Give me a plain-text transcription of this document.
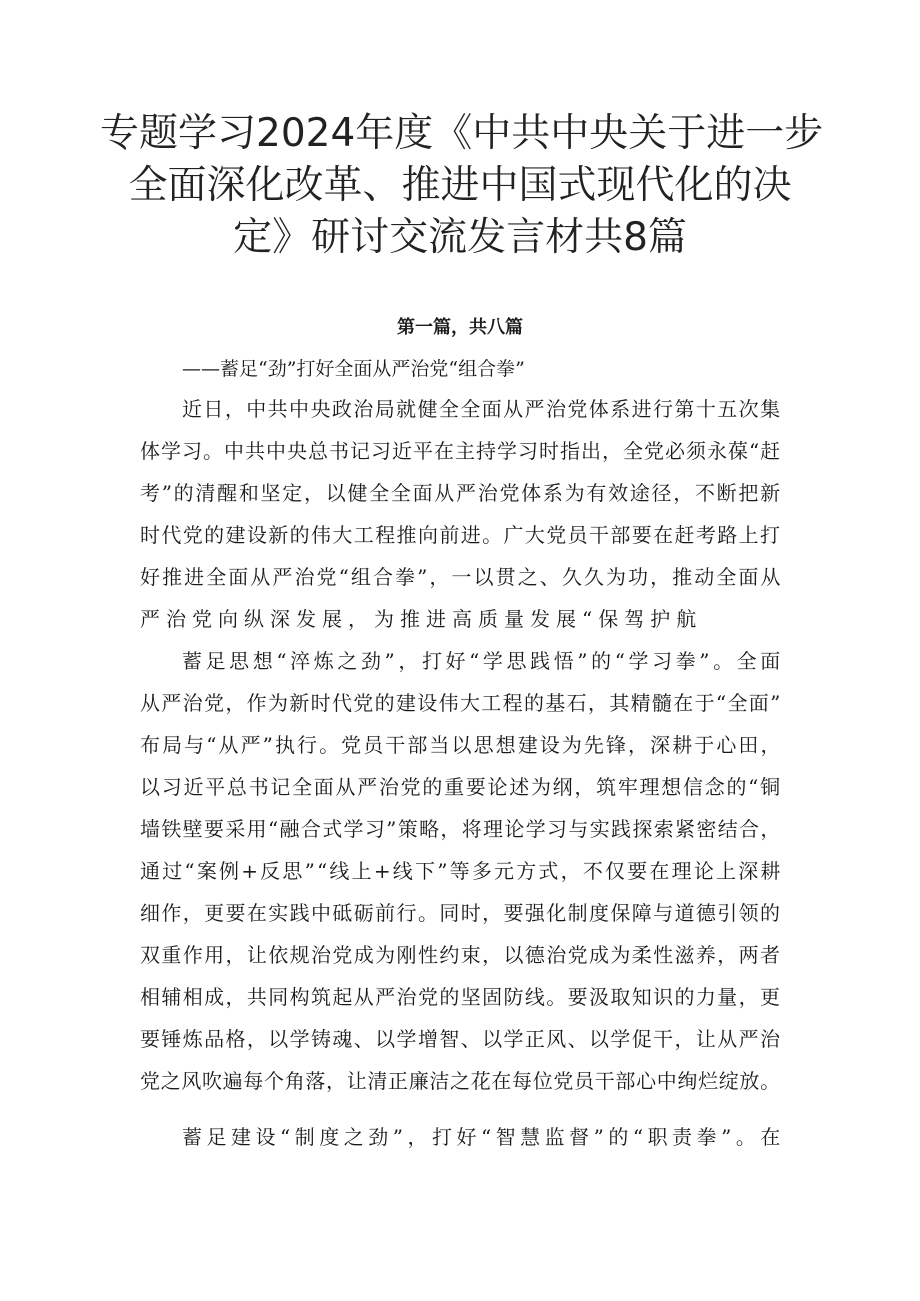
专题学习2024年度《中共中央关于进一步
全面深化改革、推进中国式现代化的决
定》研讨交流发言材共8篇
第一篇，共八篇
——蓄足“劲”打好全面从严治党“组合拳”
近日，中共中央政治局就健全全面从严治党体系进行第十五次集
体学习。中共中央总书记习近平在主持学习时指出，全党必须永葆“赶
考”的清醒和坚定，以健全全面从严治党体系为有效途径，不断把新
时代党的建设新的伟大工程推向前进。广大党员干部要在赶考路上打
好推进全面从严治党“组合拳”，一以贯之、久久为功，推动全面从
严治党向纵深发展，为推进高质量发展“保驾护航
蓄足思想“淬炼之劲”，打好“学思践悟”的“学习拳”。全面
从严治党，作为新时代党的建设伟大工程的基石，其精髓在于“全面”
布局与“从严”执行。党员干部当以思想建设为先锋，深耕于心田，
以习近平总书记全面从严治党的重要论述为纲，筑牢理想信念的“铜
墙铁壁要采用“融合式学习”策略，将理论学习与实践探索紧密结合，
通过“案例+反思”“线上+线下”等多元方式，不仅要在理论上深耕
细作，更要在实践中砥砺前行。同时，要强化制度保障与道德引领的
双重作用，让依规治党成为刚性约束，以德治党成为柔性滋养，两者
相辅相成，共同构筑起从严治党的坚固防线。要汲取知识的力量，更
要锤炼品格，以学铸魂、以学增智、以学正风、以学促干，让从严治
党之风吹遍每个角落，让清正廉洁之花在每位党员干部心中绚烂绽放。
蓄足建设“制度之劲”，打好“智慧监督”的“职责拳”。在
